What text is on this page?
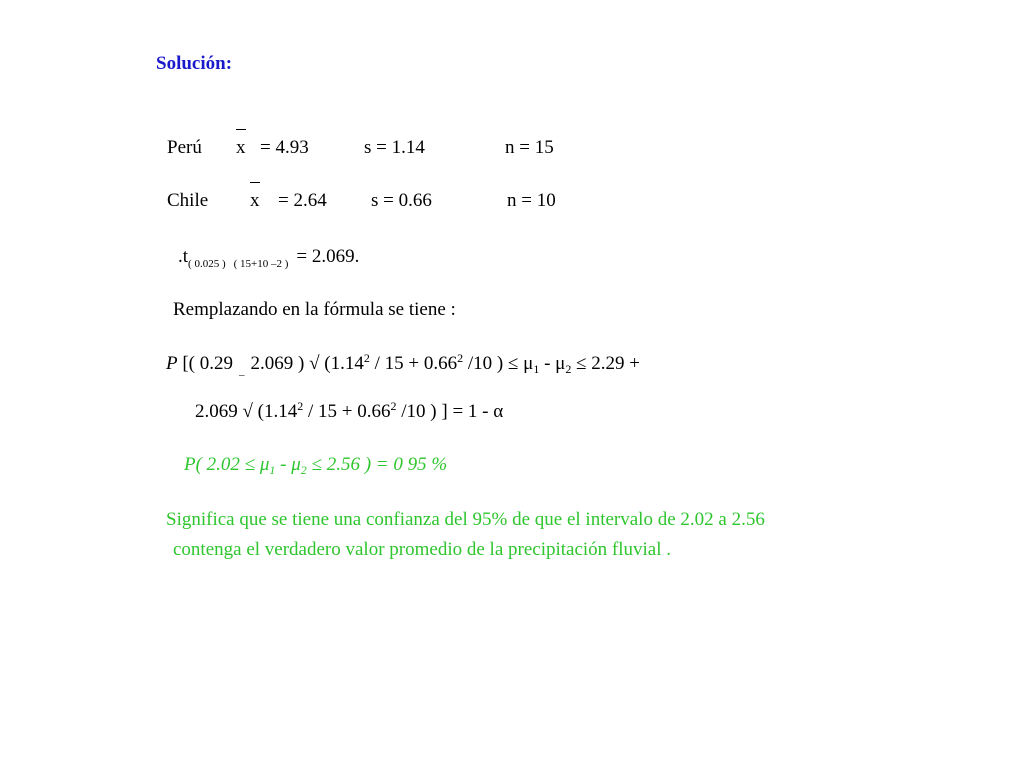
Solución:
Perú x = 4.93	s = 1.14	n = 15
Chile x = 2.64 s = 0.66	n = 10
$.t_{( 0.025 )}$ $_{( 15+10 -2 )}$ = 2.069.
Remplazando en la fórmula se tiene :
P [( 0.29 $_{\_}$ 2.069 ) √ ($1.14^2 / 15 + 0.66^2$ /10 ) ≤ $\mu_1 - \mu_2 \le 2.29$ +
2.069 √ ($1.14^2 / 15 + 0.66^2$ /10 ) ] = 1 - α
P( $2.02 \le \mu_1 - \mu_2 \le 2.56$ ) = 0 95 %
Significa que se tiene una confianza del 95% de que el intervalo de 2.02 a 2.56
contenga el verdadero valor promedio de la precipitación fluvial .
